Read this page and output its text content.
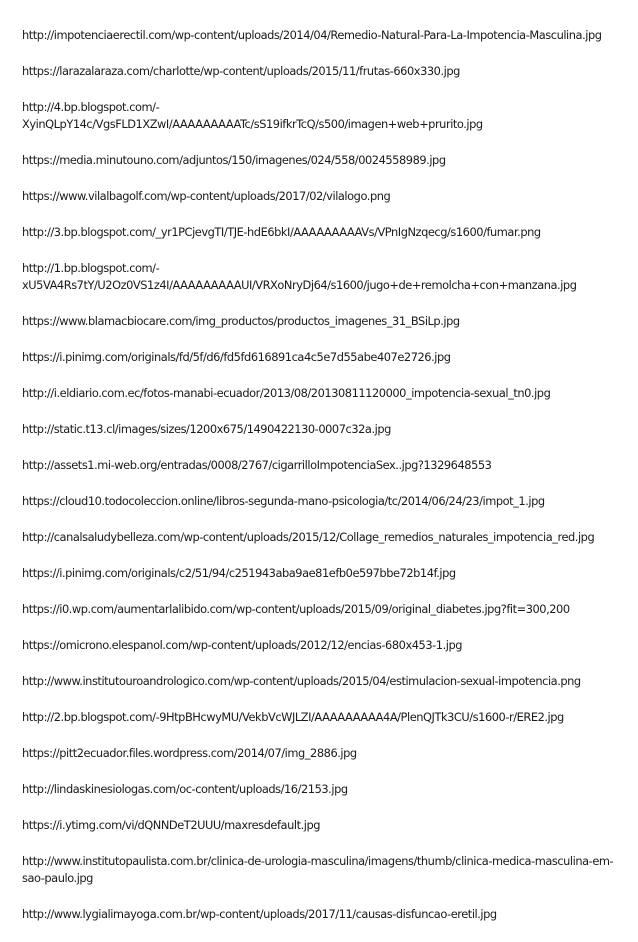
http://impotenciaerectil.com/wp-content/uploads/2014/04/Remedio-Natural-Para-La-Impotencia-Masculina.jpg
https://larazalaraza.com/charlotte/wp-content/uploads/2015/11/frutas-660x330.jpg
http://4.bp.blogspot.com/-
XyinQLpY14c/VgsFLD1XZwI/AAAAAAAAATc/sS19ifkrTcQ/s500/imagen+web+prurito.jpg
https://media.minutouno.com/adjuntos/150/imagenes/024/558/0024558989.jpg
https://www.vilalbagolf.com/wp-content/uploads/2017/02/vilalogo.png
http://3.bp.blogspot.com/_yr1PCjevgTI/TJE-hdE6bkI/AAAAAAAAAVs/VPnIgNzqecg/s1600/fumar.png
http://1.bp.blogspot.com/-
xU5VA4Rs7tY/U2Oz0VS1z4I/AAAAAAAAAUI/VRXoNryDj64/s1600/jugo+de+remolcha+con+manzana.jpg
https://www.blamacbiocare.com/img_productos/productos_imagenes_31_BSiLp.jpg
https://i.pinimg.com/originals/fd/5f/d6/fd5fd616891ca4c5e7d55abe407e2726.jpg
http://i.eldiario.com.ec/fotos-manabi-ecuador/2013/08/20130811120000_impotencia-sexual_tn0.jpg
http://static.t13.cl/images/sizes/1200x675/1490422130-0007c32a.jpg
http://assets1.mi-web.org/entradas/0008/2767/cigarrilloImpotenciaSex..jpg?1329648553
https://cloud10.todocoleccion.online/libros-segunda-mano-psicologia/tc/2014/06/24/23/impot_1.jpg
http://canalsaludybelleza.com/wp-content/uploads/2015/12/Collage_remedios_naturales_impotencia_red.jpg
https://i.pinimg.com/originals/c2/51/94/c251943aba9ae81efb0e597bbe72b14f.jpg
https://i0.wp.com/aumentarlalibido.com/wp-content/uploads/2015/09/original_diabetes.jpg?fit=300,200
https://omicrono.elespanol.com/wp-content/uploads/2012/12/encias-680x453-1.jpg
http://www.institutouroandrologico.com/wp-content/uploads/2015/04/estimulacion-sexual-impotencia.png
http://2.bp.blogspot.com/-9HtpBHcwyMU/VekbVcWJLZI/AAAAAAAAA4A/PlenQJTk3CU/s1600-r/ERE2.jpg
https://pitt2ecuador.files.wordpress.com/2014/07/img_2886.jpg
http://lindaskinesiologas.com/oc-content/uploads/16/2153.jpg
https://i.ytimg.com/vi/dQNNDeT2UUU/maxresdefault.jpg
http://www.institutopaulista.com.br/clinica-de-urologia-masculina/imagens/thumb/clinica-medica-masculina-em-
sao-paulo.jpg
http://www.lygialimayoga.com.br/wp-content/uploads/2017/11/causas-disfuncao-eretil.jpg
